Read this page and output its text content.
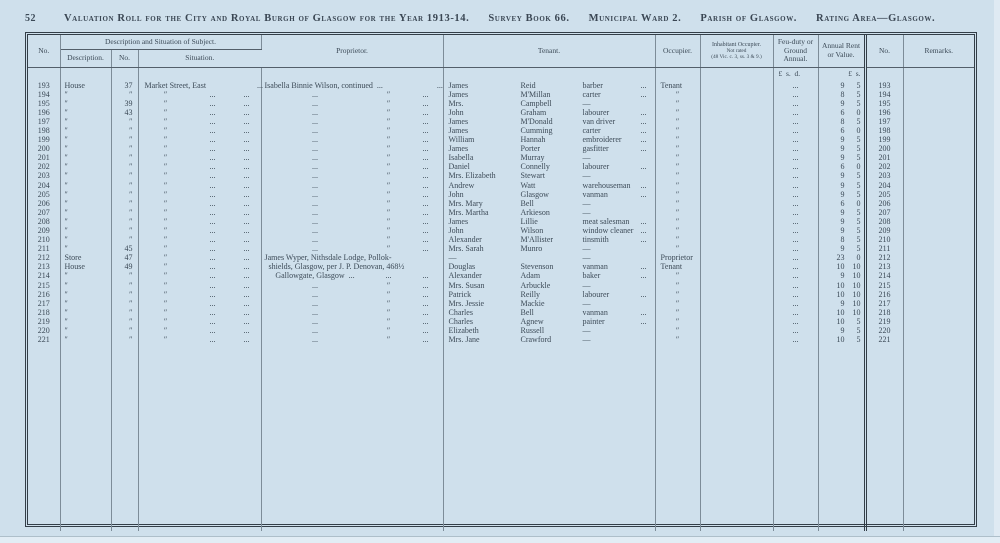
52	Valuation Roll for the City and Royal Burgh of Glasgow for the Year 1913-14. Survey Book 66. Municipal Ward 2. Parish of Glasgow. Rating Area—Glasgow.
No.	Description and Situation of Subject.			Proprietor.	Tenant.	Occupier.	Inhabitant Occupier.
Not rated
(48 Vic. c. 3, ss. 3 & 9.)	Feu-duty or Ground Annual.	Annual Rent or Value.	No.	Remarks.
	Description.	No.	Situation.								
								£ s. d.	£ s.		

193	House	37	Market Street, East ...	Isabella Binnie Wilson, continued ... ...	James Reid barber ...	Tenant		...	9 5	193	

194	″	″	″ ... ...	... ″ ...	James M'Millan carter ...	″		...	8 5	194	

195	″	39	″ ... ...	... ″ ...	Mrs. Campbell —	″		...	9 5	195	

196	″	43	″ ... ...	... ″ ...	John Graham labourer ...	″		...	6 0	196	

197	″	″	″ ... ...	... ″ ...	James M'Donald van driver ...	″		...	8 5	197	

198	″	″	″ ... ...	... ″ ...	James Cumming carter ...	″		...	6 0	198	

199	″	″	″ ... ...	... ″ ...	William Hannah embroiderer ...	″		...	9 5	199	

200	″	″	″ ... ...	... ″ ...	James Porter gasfitter ...	″		...	9 5	200	

201	″	″	″ ... ...	... ″ ...	Isabella Murray —	″		...	9 5	201	

202	″	″	″ ... ...	... ″ ...	Daniel Connelly labourer ...	″		...	6 0	202	

203	″	″	″ ... ...	... ″ ...	Mrs. Elizabeth Stewart —	″		...	9 5	203	

204	″	″	″ ... ...	... ″ ...	Andrew Watt warehouseman ...	″		...	9 5	204	

205	″	″	″ ... ...	... ″ ...	John Glasgow vanman ...	″		...	9 5	205	

206	″	″	″ ... ...	... ″ ...	Mrs. Mary Bell —	″		...	6 0	206	

207	″	″	″ ... ...	... ″ ...	Mrs. Martha Arkieson —	″		...	9 5	207	

208	″	″	″ ... ...	... ″ ...	James Lillie meat salesman ...	″		...	9 5	208	

209	″	″	″ ... ...	... ″ ...	John Wilson window cleaner ...	″		...	9 5	209	

210	″	″	″ ... ...	... ″ ...	Alexander M'Allister tinsmith ...	″		...	8 5	210	

211	″	45	″ ... ...	... ″ ...	Mrs. Sarah Munro —	″		...	9 5	211	

212	Store	47	″ ... ...	James Wyper, Nithsdale Lodge, Pollok-	— —	Proprietor		...	23 0	212	

213	House	49	″ ... ...	 shields, Glasgow, per J. P. Denovan, 468½	Douglas Stevenson vanman ...	Tenant		...	10 10	213	

214	″	″	″ ... ...	Gallowgate, Glasgow ... ... ...	Alexander Adam baker ...	″		...	9 10	214	

215	″	″	″ ... ...	... ″ ...	Mrs. Susan Arbuckle —	″		...	10 10	215	

216	″	″	″ ... ...	... ″ ...	Patrick Reilly labourer ...	″		...	10 10	216	

217	″	″	″ ... ...	... ″ ...	Mrs. Jessie Mackie —	″		...	9 10	217	

218	″	″	″ ... ...	... ″ ...	Charles Bell vanman ...	″		...	10 10	218	

219	″	″	″ ... ...	... ″ ...	Charles Agnew painter ...	″		...	10 5	219	

220	″	″	″ ... ...	... ″ ...	Elizabeth Russell —	″		...	9 5	220	

221	″	″	″ ... ...	... ″ ...	Mrs. Jane Crawford —	″		...	10 5	221	
